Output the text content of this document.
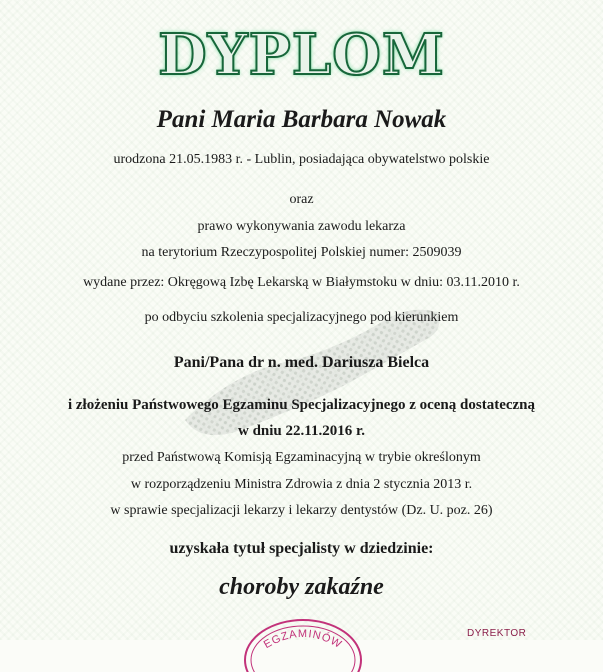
DYPLOM
Pani Maria Barbara Nowak
urodzona 21.05.1983 r. - Lublin, posiadająca obywatelstwo polskie
oraz
prawo wykonywania zawodu lekarza
na terytorium Rzeczypospolitej Polskiej numer: 2509039
wydane przez: Okręgową Izbę Lekarską w Białymstoku w dniu: 03.11.2010 r.
po odbyciu szkolenia specjalizacyjnego pod kierunkiem
Pani/Pana dr n. med. Dariusza Bielca
i złożeniu Państwowego Egzaminu Specjalizacyjnego z oceną dostateczną
w dniu 22.11.2016 r.
przed Państwową Komisją Egzaminacyjną w trybie określonym
w rozporządzeniu Ministra Zdrowia z dnia 2 stycznia 2013 r.
w sprawie specjalizacji lekarzy i lekarzy dentystów (Dz. U. poz. 26)
uzyskała tytuł specjalisty w dziedzinie:
choroby zakaźne
EGZAMINÓW
DYREKTOR
